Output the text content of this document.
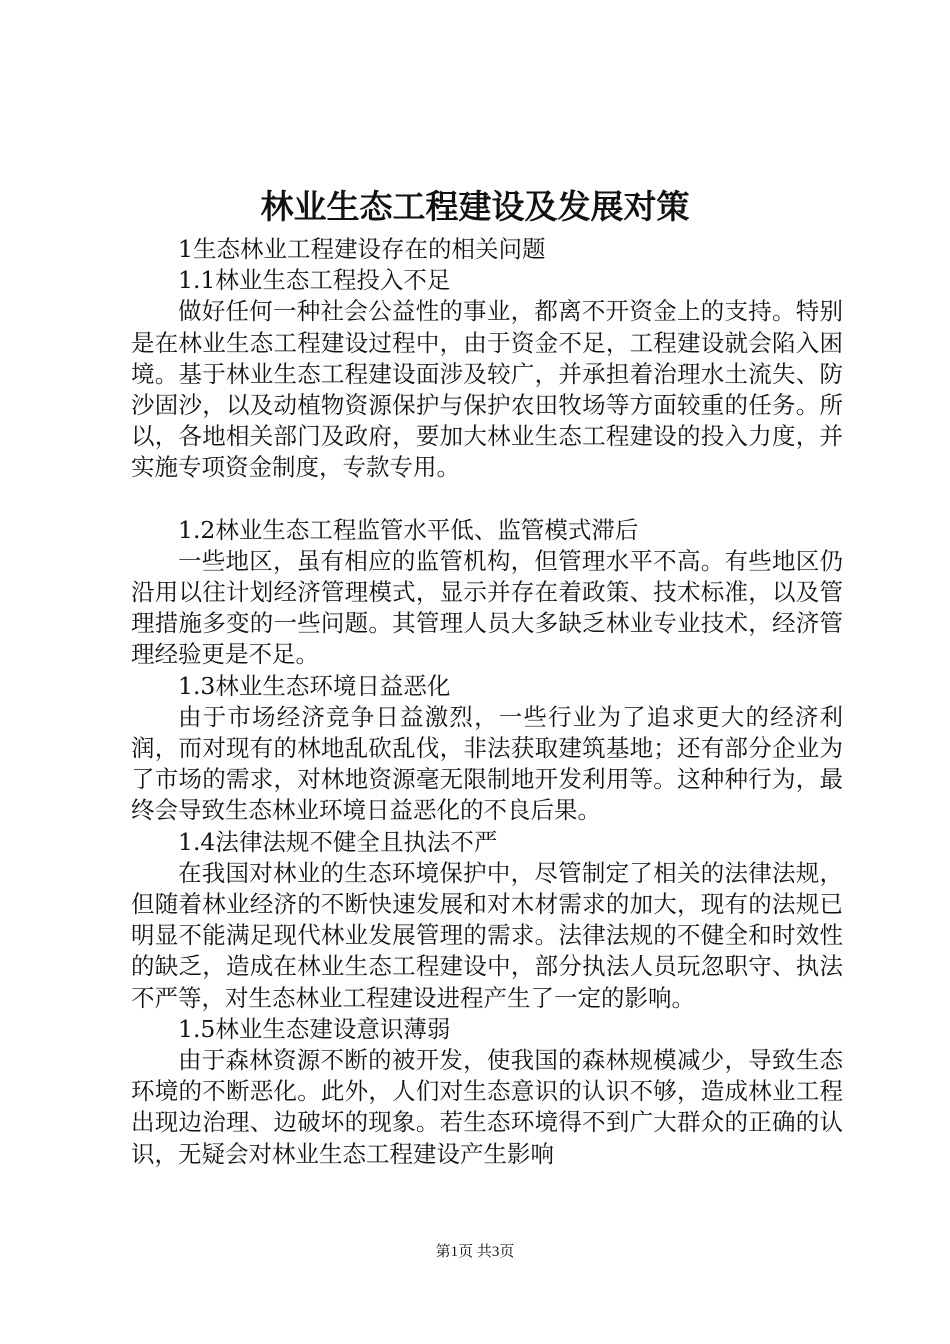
林业生态工程建设及发展对策

1生态林业工程建设存在的相关问题

1.1林业生态工程投入不足

做好任何一种社会公益性的事业，都离不开资金上的支持。特别是在林业生态工程建设过程中，由于资金不足，工程建设就会陷入困境。基于林业生态工程建设面涉及较广，并承担着治理水土流失、防沙固沙，以及动植物资源保护与保护农田牧场等方面较重的任务。所以，各地相关部门及政府，要加大林业生态工程建设的投入力度，并实施专项资金制度，专款专用。

1.2林业生态工程监管水平低、监管模式滞后

一些地区，虽有相应的监管机构，但管理水平不高。有些地区仍沿用以往计划经济管理模式，显示并存在着政策、技术标准，以及管理措施多变的一些问题。其管理人员大多缺乏林业专业技术，经济管理经验更是不足。

1.3林业生态环境日益恶化

由于市场经济竞争日益激烈，一些行业为了追求更大的经济利润，而对现有的林地乱砍乱伐，非法获取建筑基地；还有部分企业为了市场的需求，对林地资源毫无限制地开发利用等。这种种行为，最终会导致生态林业环境日益恶化的不良后果。

1.4法律法规不健全且执法不严

在我国对林业的生态环境保护中，尽管制定了相关的法律法规，但随着林业经济的不断快速发展和对木材需求的加大，现有的法规已明显不能满足现代林业发展管理的需求。法律法规的不健全和时效性的缺乏，造成在林业生态工程建设中，部分执法人员玩忽职守、执法不严等，对生态林业工程建设进程产生了一定的影响。

1.5林业生态建设意识薄弱

由于森林资源不断的被开发，使我国的森林规模减少，导致生态环境的不断恶化。此外，人们对生态意识的认识不够，造成林业工程出现边治理、边破坏的现象。若生态环境得不到广大群众的正确的认识，无疑会对林业生态工程建设产生影响

第1页 共3页
